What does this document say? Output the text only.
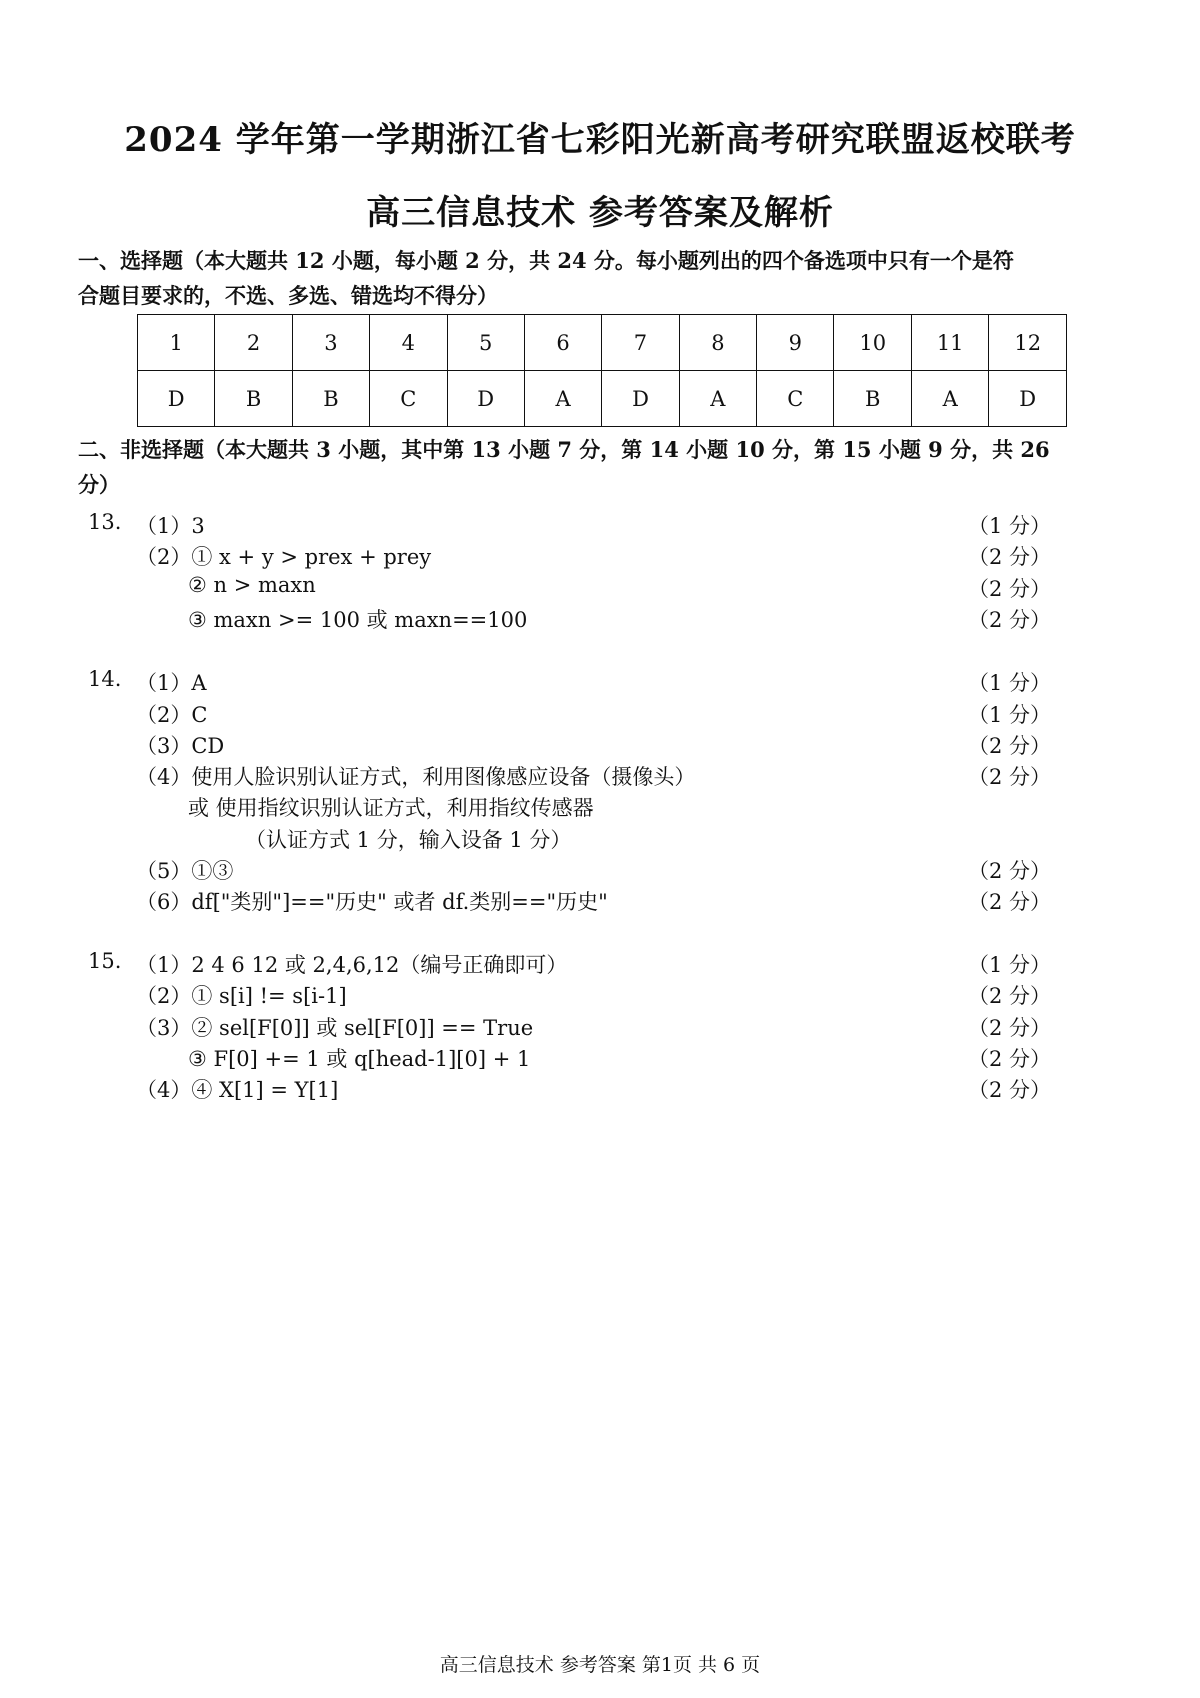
2024 学年第一学期浙江省七彩阳光新高考研究联盟返校联考
高三信息技术 参考答案及解析
一、选择题（本大题共 12 小题，每小题 2 分，共 24 分。每小题列出的四个备选项中只有一个是符
合题目要求的，不选、多选、错选均不得分）
1	2	3	4	5	6	7	8	9	10	11	12
D	B	B	C	D	A	D	A	C	B	A	D
二、非选择题（本大题共 3 小题，其中第 13 小题 7 分，第 14 小题 10 分，第 15 小题 9 分，共 26
分）
13. （1）3	（1 分）
（2）① x + y > prex + prey	（2 分）
② n > maxn	（2 分）
③ maxn >= 100 或 maxn==100	（2 分）
14. （1）A	（1 分）
（2）C	（1 分）
（3）CD	（2 分）
（4）使用人脸识别认证方式，利用图像感应设备（摄像头）	（2 分）
或 使用指纹识别认证方式，利用指纹传感器
（认证方式 1 分，输入设备 1 分）
（5）①③	（2 分）
（6）df["类别"]=="历史" 或者 df.类别=="历史"	（2 分）
15. （1）2 4 6 12 或 2,4,6,12（编号正确即可）	（1 分）
（2）① s[i] != s[i-1]	（2 分）
（3）② sel[F[0]] 或 sel[F[0]] == True	（2 分）
③ F[0] += 1 或 q[head-1][0] + 1	（2 分）
（4）④ X[1] = Y[1]	（2 分）
高三信息技术 参考答案 第1页 共 6 页
